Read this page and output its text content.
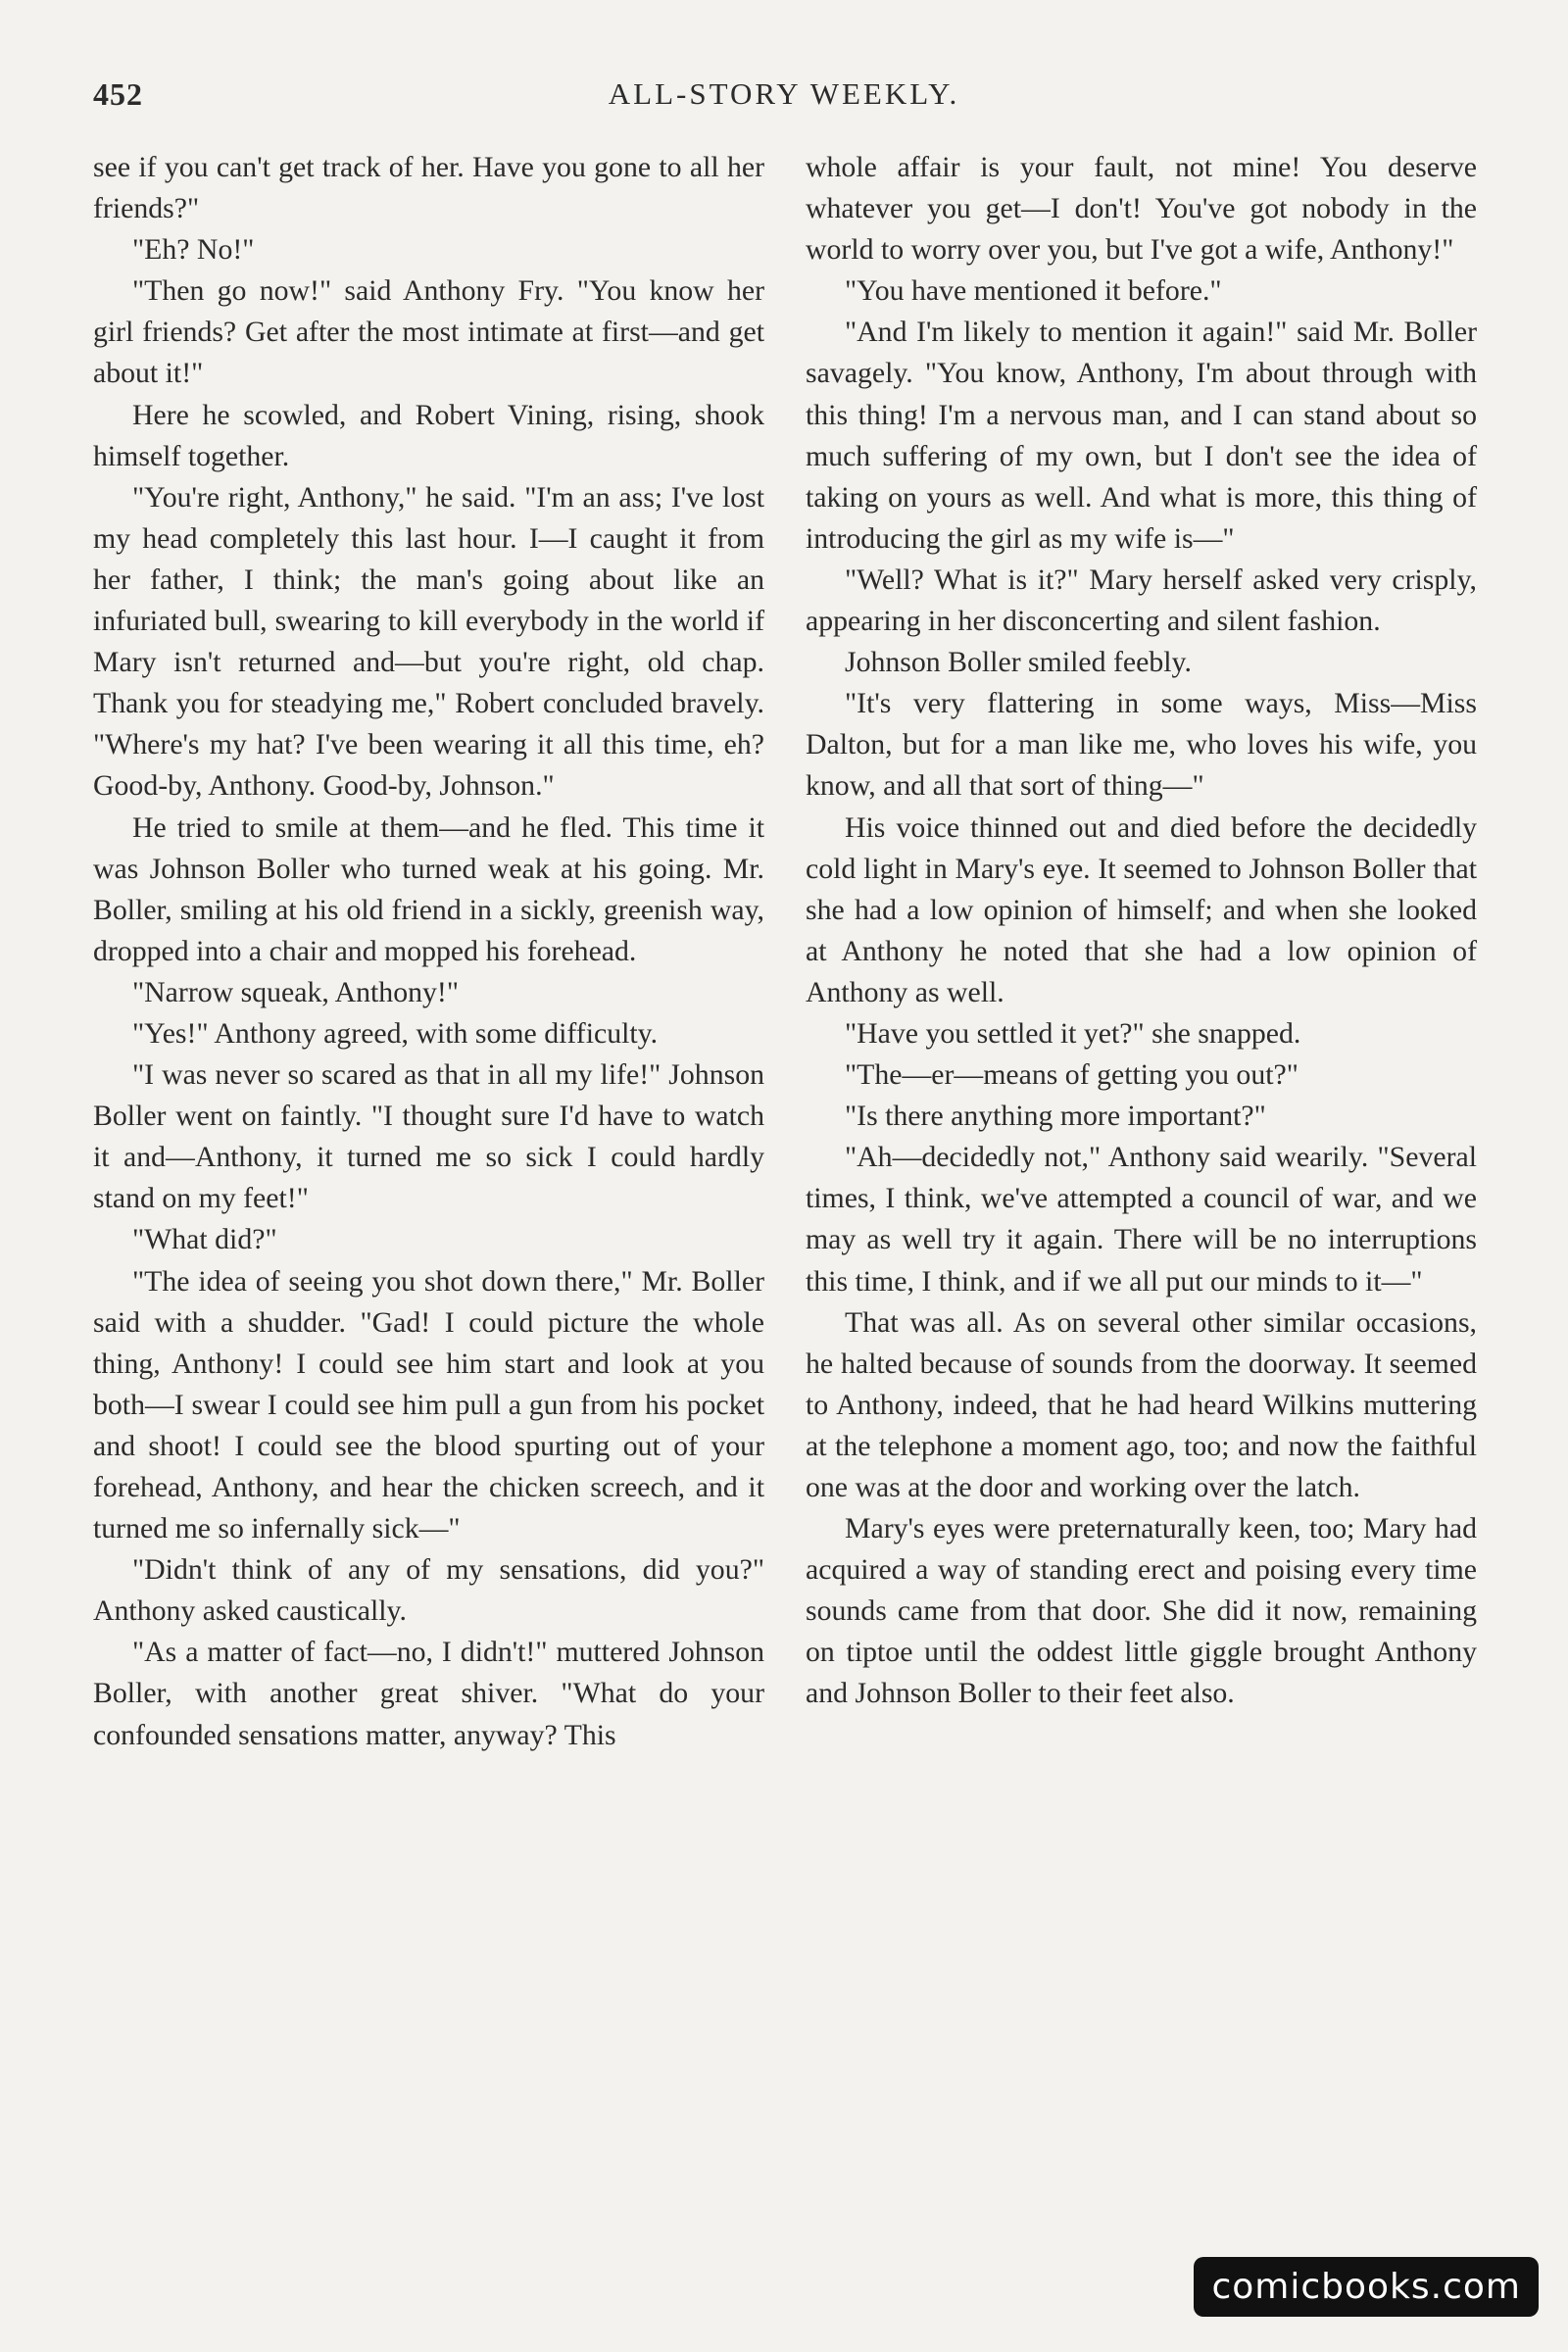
452	ALL-STORY WEEKLY.

see if you can't get track of her. Have you gone to all her friends?"

"Eh? No!"

"Then go now!" said Anthony Fry. "You know her girl friends? Get after the most intimate at first—and get about it!"

Here he scowled, and Robert Vining, rising, shook himself together.

"You're right, Anthony," he said. "I'm an ass; I've lost my head completely this last hour. I—I caught it from her father, I think; the man's going about like an infuriated bull, swearing to kill everybody in the world if Mary isn't returned and—but you're right, old chap. Thank you for steadying me," Robert concluded bravely. "Where's my hat? I've been wearing it all this time, eh? Good-by, Anthony. Good-by, Johnson."

He tried to smile at them—and he fled. This time it was Johnson Boller who turned weak at his going. Mr. Boller, smiling at his old friend in a sickly, greenish way, dropped into a chair and mopped his forehead.

"Narrow squeak, Anthony!"

"Yes!" Anthony agreed, with some difficulty.

"I was never so scared as that in all my life!" Johnson Boller went on faintly. "I thought sure I'd have to watch it and—Anthony, it turned me so sick I could hardly stand on my feet!"

"What did?"

"The idea of seeing you shot down there," Mr. Boller said with a shudder. "Gad! I could picture the whole thing, Anthony! I could see him start and look at you both—I swear I could see him pull a gun from his pocket and shoot! I could see the blood spurting out of your forehead, Anthony, and hear the chicken screech, and it turned me so infernally sick—"

"Didn't think of any of my sensations, did you?" Anthony asked caustically.

"As a matter of fact—no, I didn't!" muttered Johnson Boller, with another great shiver. "What do your confounded sensations matter, anyway? This

whole affair is your fault, not mine! You deserve whatever you get—I don't! You've got nobody in the world to worry over you, but I've got a wife, Anthony!"

"You have mentioned it before."

"And I'm likely to mention it again!" said Mr. Boller savagely. "You know, Anthony, I'm about through with this thing! I'm a nervous man, and I can stand about so much suffering of my own, but I don't see the idea of taking on yours as well. And what is more, this thing of introducing the girl as my wife is—"

"Well? What is it?" Mary herself asked very crisply, appearing in her disconcerting and silent fashion.

Johnson Boller smiled feebly.

"It's very flattering in some ways, Miss—Miss Dalton, but for a man like me, who loves his wife, you know, and all that sort of thing—"

His voice thinned out and died before the decidedly cold light in Mary's eye. It seemed to Johnson Boller that she had a low opinion of himself; and when she looked at Anthony he noted that she had a low opinion of Anthony as well.

"Have you settled it yet?" she snapped.

"The—er—means of getting you out?"

"Is there anything more important?"

"Ah—decidedly not," Anthony said wearily. "Several times, I think, we've attempted a council of war, and we may as well try it again. There will be no interruptions this time, I think, and if we all put our minds to it—"

That was all. As on several other similar occasions, he halted because of sounds from the doorway. It seemed to Anthony, indeed, that he had heard Wilkins muttering at the telephone a moment ago, too; and now the faithful one was at the door and working over the latch.

Mary's eyes were preternaturally keen, too; Mary had acquired a way of standing erect and poising every time sounds came from that door. She did it now, remaining on tiptoe until the oddest little giggle brought Anthony and Johnson Boller to their feet also.

comicbooks.com
